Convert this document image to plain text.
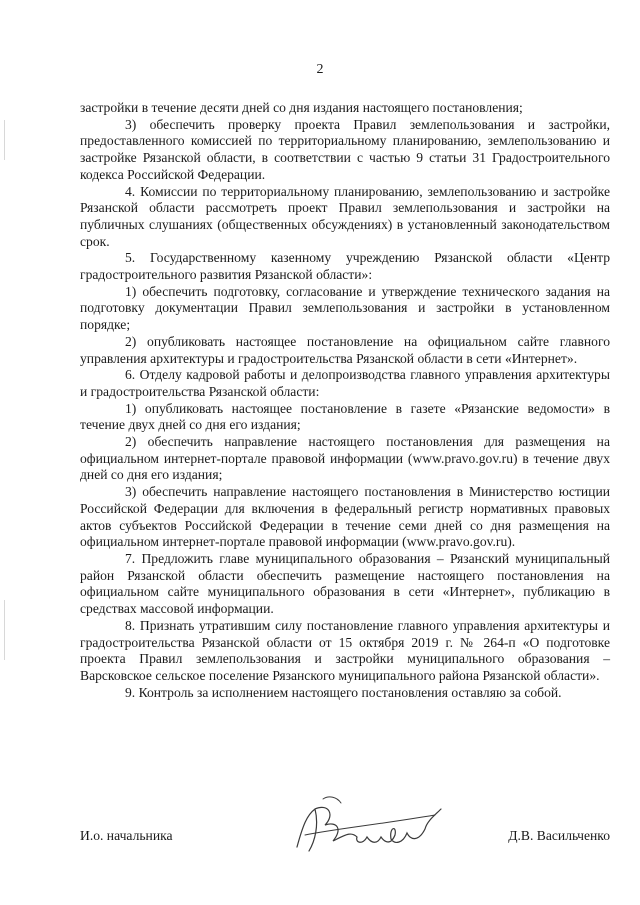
2

застройки в течение десяти дней со дня издания настоящего постановления;

3) обеспечить проверку проекта Правил землепользования и застройки, предоставленного комиссией по территориальному планированию, землепользованию и застройке Рязанской области, в соответствии с частью 9 статьи 31 Градостроительного кодекса Российской Федерации.

4. Комиссии по территориальному планированию, землепользованию и застройке Рязанской области рассмотреть проект Правил землепользования и застройки на публичных слушаниях (общественных обсуждениях) в установленный законодательством срок.

5. Государственному казенному учреждению Рязанской области «Центр градостроительного развития Рязанской области»:

1) обеспечить подготовку, согласование и утверждение технического задания на подготовку документации Правил землепользования и застройки в установленном порядке;

2) опубликовать настоящее постановление на официальном сайте главного управления архитектуры и градостроительства Рязанской области в сети «Интернет».

6. Отделу кадровой работы и делопроизводства главного управления архитектуры и градостроительства Рязанской области:

1) опубликовать настоящее постановление в газете «Рязанские ведомости» в течение двух дней со дня его издания;

2) обеспечить направление настоящего постановления для размещения на официальном интернет-портале правовой информации (www.pravo.gov.ru) в течение двух дней со дня его издания;

3) обеспечить направление настоящего постановления в Министерство юстиции Российской Федерации для включения в федеральный регистр нормативных правовых актов субъектов Российской Федерации в течение семи дней со дня размещения на официальном интернет-портале правовой информации (www.pravo.gov.ru).

7. Предложить главе муниципального образования – Рязанский муниципальный район Рязанской области обеспечить размещение настоящего постановления на официальном сайте муниципального образования в сети «Интернет», публикацию в средствах массовой информации.

8. Признать утратившим силу постановление главного управления архитектуры и градостроительства Рязанской области от 15 октября 2019 г. № 264-п «О подготовке проекта Правил землепользования и застройки муниципального образования – Варсковское сельское поселение Рязанского муниципального района Рязанской области».

9. Контроль за исполнением настоящего постановления оставляю за собой.

И.о. начальника	Д.В. Васильченко
